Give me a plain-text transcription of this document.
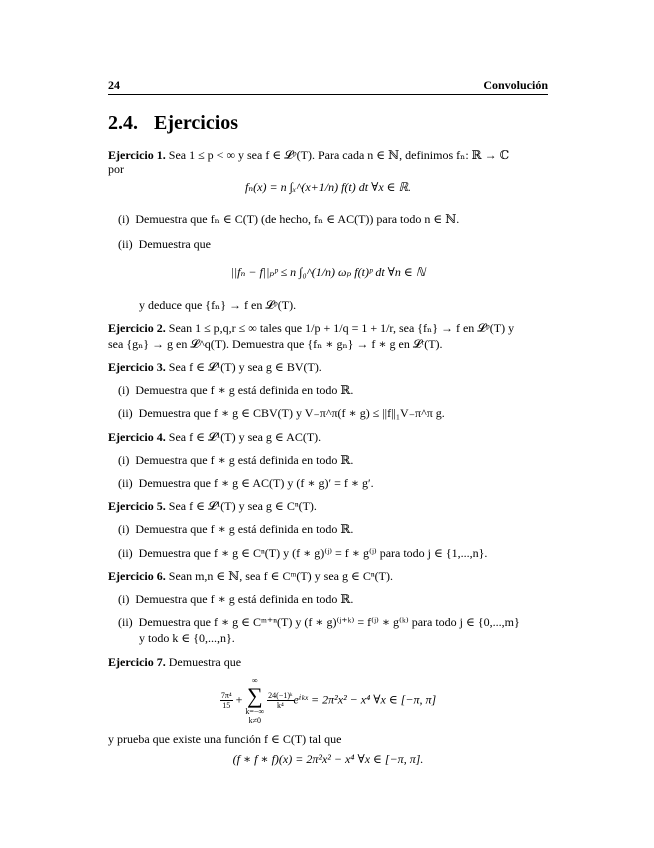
24	Convolución
2.4. Ejercicios
Ejercicio 1. Sea 1 ≤ p < ∞ y sea f ∈ 𝓛ᵖ(T). Para cada n ∈ ℕ, definimos fₙ: ℝ → ℂ
por
fₙ(x) = n ∫ₓ^(x+1/n) f(t) dt ∀x ∈ ℝ.
(i) Demuestra que fₙ ∈ C(T) (de hecho, fₙ ∈ AC(T)) para todo n ∈ ℕ.
(ii) Demuestra que
||fₙ − f||ₚᵖ ≤ n ∫₀^(1/n) ωₚ f(t)ᵖ dt ∀n ∈ ℕ
y deduce que {fₙ} → f en 𝓛ᵖ(T).
Ejercicio 2. Sean 1 ≤ p,q,r ≤ ∞ tales que 1/p + 1/q = 1 + 1/r, sea {fₙ} → f en 𝓛ᵖ(T) y
sea {gₙ} → g en 𝓛^q(T). Demuestra que {fₙ ∗ gₙ} → f ∗ g en 𝓛ʳ(T).
Ejercicio 3. Sea f ∈ 𝓛¹(T) y sea g ∈ BV(T).
(i) Demuestra que f ∗ g está definida en todo ℝ.
(ii) Demuestra que f ∗ g ∈ CBV(T) y V₋π^π(f ∗ g) ≤ ||f||₁V₋π^π g.
Ejercicio 4. Sea f ∈ 𝓛¹(T) y sea g ∈ AC(T).
(i) Demuestra que f ∗ g está definida en todo ℝ.
(ii) Demuestra que f ∗ g ∈ AC(T) y (f ∗ g)′ = f ∗ g′.
Ejercicio 5. Sea f ∈ 𝓛¹(T) y sea g ∈ Cⁿ(T).
(i) Demuestra que f ∗ g está definida en todo ℝ.
(ii) Demuestra que f ∗ g ∈ Cⁿ(T) y (f ∗ g)⁽ʲ⁾ = f ∗ g⁽ʲ⁾ para todo j ∈ {1,...,n}.
Ejercicio 6. Sean m,n ∈ ℕ, sea f ∈ Cᵐ(T) y sea g ∈ Cⁿ(T).
(i) Demuestra que f ∗ g está definida en todo ℝ.
(ii) Demuestra que f ∗ g ∈ Cᵐ⁺ⁿ(T) y (f ∗ g)⁽ʲ⁺ᵏ⁾ = f⁽ʲ⁾ ∗ g⁽ᵏ⁾ para todo j ∈ {0,...,m}
y todo k ∈ {0,...,n}.
Ejercicio 7. Demuestra que
$\frac{\text{7π⁴}}{15}$ + ∞
∑
k=−∞
k≠0

$\frac{\text{24(−1)ᵏ}}{\text{k⁴}}$ eⁱᵏˣ = 2π²x² − x⁴ ∀x ∈ [−π, π]
y prueba que existe una función f ∈ C(T) tal que
(f ∗ f ∗ f)(x) = 2π²x² − x⁴ ∀x ∈ [−π, π].
